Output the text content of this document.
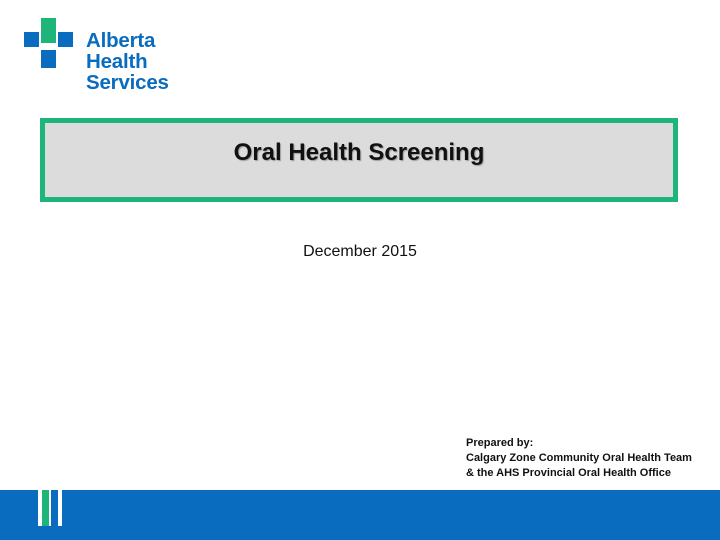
Alberta Health
Services
Oral Health Screening
December 2015
Prepared by:
Calgary Zone Community Oral Health Team
& the AHS Provincial Oral Health Office
